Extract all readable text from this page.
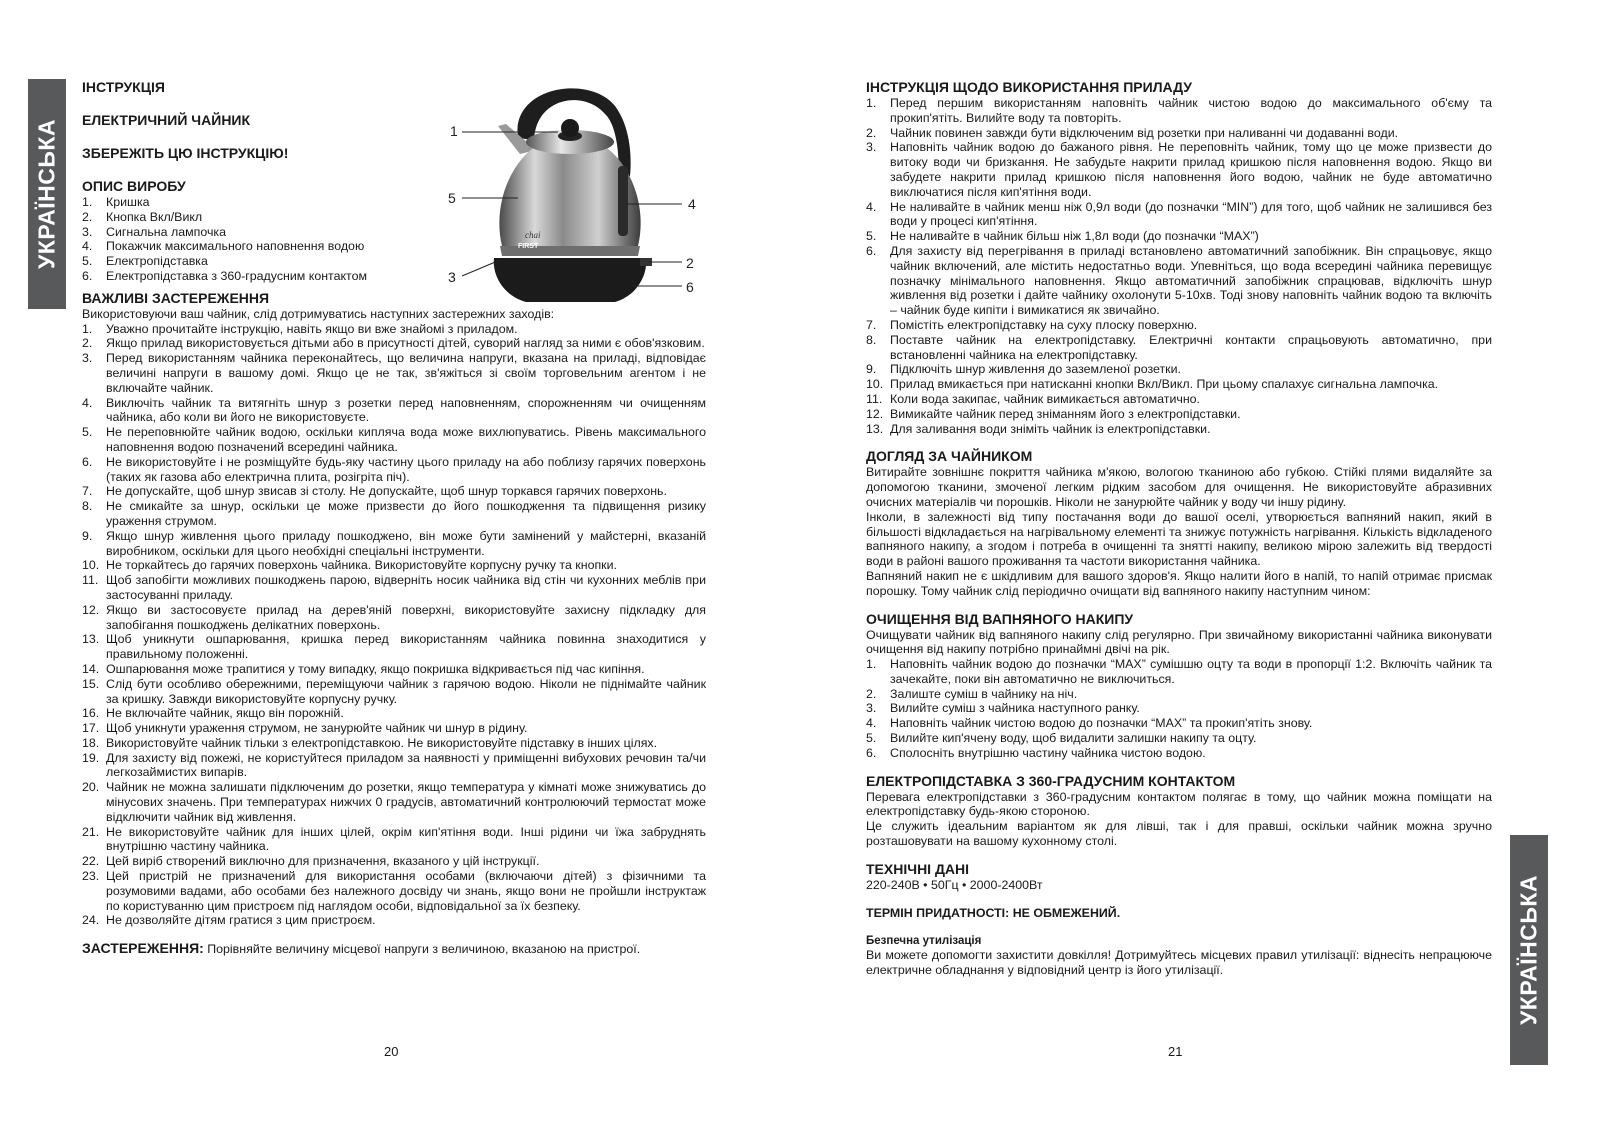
УКРАЇНСЬКА
ІНСТРУКЦІЯ
ЕЛЕКТРИЧНИЙ ЧАЙНИК
ЗБЕРЕЖІТЬ ЦЮ ІНСТРУКЦІЮ!
ОПИС ВИРОБУ
1.	Кришка
2.	Кнопка Вкл/Викл
3.	Сигнальна лампочка
4.	Покажчик максимального наповнення водою
5.	Електропідставка
6.	Електропідставка з 360-градусним контактом
ВАЖЛИВІ ЗАСТЕРЕЖЕННЯ

Використовуючи ваш чайник, слід дотримуватись наступних застережних заходів:

1.	Уважно прочитайте інструкцію, навіть якщо ви вже знайомі з приладом.
2.	Якщо прилад використовується дітьми або в присутності дітей, суворий нагляд за ними є обов'язковим.
3.	Перед використанням чайника переконайтесь, що величина напруги, вказана на приладі, відповідає величині напруги в вашому домі. Якщо це не так, зв'яжіться зі своїм торговельним агентом і не включайте чайник.
4.	Виключіть чайник та витягніть шнур з розетки перед наповненням, спорожненням чи очищенням чайника, або коли ви його не використовуєте.
5.	Не переповнюйте чайник водою, оскільки кипляча вода може вихлюпуватись. Рівень максимального наповнення водою позначений всередині чайника.
6.	Не використовуйте і не розміщуйте будь-яку частину цього приладу на або поблизу гарячих поверхонь (таких як газова або електрична плита, розігріта піч).
7.	Не допускайте, щоб шнур звисав зі столу. Не допускайте, щоб шнур торкався гарячих поверхонь.
8.	Не смикайте за шнур, оскільки це може призвести до його пошкодження та підвищення ризику ураження струмом.
9.	Якщо шнур живлення цього приладу пошкоджено, він може бути замінений у майстерні, вказаній виробником, оскільки для цього необхідні спеціальні інструменти.
10. Не торкайтесь до гарячих поверхонь чайника. Використовуйте корпусну ручку та кнопки.
11. Щоб запобігти можливих пошкоджень парою, відверніть носик чайника від стін чи кухонних меблів при застосуванні приладу.
12. Якщо ви застосовуєте прилад на дерев'яній поверхні, використовуйте захисну підкладку для запобігання пошкоджень делікатних поверхонь.
13. Щоб уникнути ошпарювання, кришка перед використанням чайника повинна знаходитися у правильному положенні.
14. Ошпарювання може трапитися у тому випадку, якщо покришка відкривається під час кипіння.
15. Слід бути особливо обережними, переміщуючи чайник з гарячою водою. Ніколи не піднімайте чайник за кришку. Завжди використовуйте корпусну ручку.
16. Не включайте чайник, якщо він порожній.
17. Щоб уникнути ураження струмом, не занурюйте чайник чи шнур в рідину.
18. Використовуйте чайник тільки з електропідставкою. Не використовуйте підставку в інших цілях.
19. Для захисту від пожежі, не користуйтеся приладом за наявності у приміщенні вибухових речовин та/чи легкозаймистих випарів.
20. Чайник не можна залишати підключеним до розетки, якщо температура у кімнаті може знижуватись до мінусових значень. При температурах нижчих 0 градусів, автоматичний контролюючий термостат може відключити чайник від живлення.
21. Не використовуйте чайник для інших цілей, окрім кип'ятіння води. Інші рідини чи їжа забруднять внутрішню частину чайника.
22. Цей виріб створений виключно для призначення, вказаного у цій інструкції.
23. Цей пристрій не призначений для використання особами (включаючи дітей) з фізичними та розумовими вадами, або особами без належного досвіду чи знань, якщо вони не пройшли інструктаж по користуванню цим пристроєм під наглядом особи, відповідальної за їх безпеку.
24. Не дозволяйте дітям гратися з цим пристроєм.

ЗАСТЕРЕЖЕННЯ: Порівняйте величину місцевої напруги з величиною, вказаною на пристрої.

FIRST
chai
1
5
3
4
2
6
20
ІНСТРУКЦІЯ ЩОДО ВИКОРИСТАННЯ ПРИЛАДУ
1.	Перед першим використанням наповніть чайник чистою водою до максимального об'єму та прокип'ятіть. Вилийте воду та повторіть.
2.	Чайник повинен завжди бути відключеним від розетки при наливанні чи додаванні води.
3.	Наповніть чайник водою до бажаного рівня. Не переповніть чайник, тому що це може призвести до витоку води чи бризкання. Не забудьте накрити прилад кришкою після наповнення водою. Якщо ви забудете накрити прилад кришкою після наповнення його водою, чайник не буде автоматично виключатися після кип'ятіння води.
4.	Не наливайте в чайник менш ніж 0,9л води (до позначки “MIN”) для того, щоб чайник не залишився без води у процесі кип'ятіння.
5.	Не наливайте в чайник більш ніж 1,8л води (до позначки “MAX”)
6.	Для захисту від перегрівання в приладі встановлено автоматичний запобіжник. Він спрацьовує, якщо чайник включений, але містить недостатньо води. Упевніться, що вода всередині чайника перевищує позначку мінімального наповнення. Якщо автоматичний запобіжник спрацював, відключіть шнур живлення від розетки і дайте чайнику охолонути 5-10хв. Тоді знову наповніть чайник водою та включіть – чайник буде кипіти і вимикатися як звичайно.
7.	Помістіть електропідставку на суху плоску поверхню.
8.	Поставте чайник на електропідставку. Електричні контакти спрацьовують автоматично, при встановленні чайника на електропідставку.
9.	Підключіть шнур живлення до заземленої розетки.
10. Прилад вмикається при натисканні кнопки Вкл/Викл. При цьому спалахує сигнальна лампочка.
11. Коли вода закипає, чайник вимикається автоматично.
12. Вимикайте чайник перед зніманням його з електропідставки.
13. Для заливання води зніміть чайник із електропідставки.
ДОГЛЯД ЗА ЧАЙНИКОМ

Витирайте зовнішнє покриття чайника м'якою, вологою тканиною або губкою. Стійкі плями видаляйте за допомогою тканини, змоченої легким рідким засобом для очищення. Не використовуйте абразивних очисних матеріалів чи порошків. Ніколи не занурюйте чайник у воду чи іншу рідину.

Інколи, в залежності від типу постачання води до вашої оселі, утворюється вапняний накип, який в більшості відкладається на нагрівальному елементі та знижує потужність нагрівання. Кількість відкладеного вапняного накипу, а згодом і потреба в очищенні та знятті накипу, великою мірою залежить від твердості води в районі вашого проживання та частоти використання чайника.

Вапняний накип не є шкідливим для вашого здоров'я. Якщо налити його в напій, то напій отримає присмак порошку. Тому чайник слід періодично очищати від вапняного накипу наступним чином:

ОЧИЩЕННЯ ВІД ВАПНЯНОГО НАКИПУ

Очищувати чайник від вапняного накипу слід регулярно. При звичайному використанні чайника виконувати очищення від накипу потрібно принаймні двічі на рік.

1.	Наповніть чайник водою до позначки “MAX” сумішшю оцту та води в пропорції 1:2. Включіть чайник та зачекайте, поки він автоматично не виключиться.
2.	Залиште суміш в чайнику на ніч.
3.	Вилийте суміш з чайника наступного ранку.
4.	Наповніть чайник чистою водою до позначки “MAX” та прокип'ятіть знову.
5.	Вилийте кип'ячену воду, щоб видалити залишки накипу та оцту.
6.	Сполосніть внутрішню частину чайника чистою водою.
ЕЛЕКТРОПІДСТАВКА З 360-ГРАДУСНИМ КОНТАКТОМ

Перевага електропідставки з 360-градусним контактом полягає в тому, що чайник можна поміщати на електропідставку будь-якою стороною.

Це служить ідеальним варіантом як для лівші, так і для правші, оскільки чайник можна зручно розташовувати на вашому кухонному столі.

ТЕХНІЧНІ ДАНІ

220-240В • 50Гц • 2000-2400Вт

ТЕРМІН ПРИДАТНОСТІ: НЕ ОБМЕЖЕНИЙ.
Безпечна утилізація

Ви можете допомогти захистити довкілля! Дотримуйтесь місцевих правил утилізації: віднесіть непрацюючe електричне обладнання у відповідний центр із його утилізації.

21
УКРАЇНСЬКА
